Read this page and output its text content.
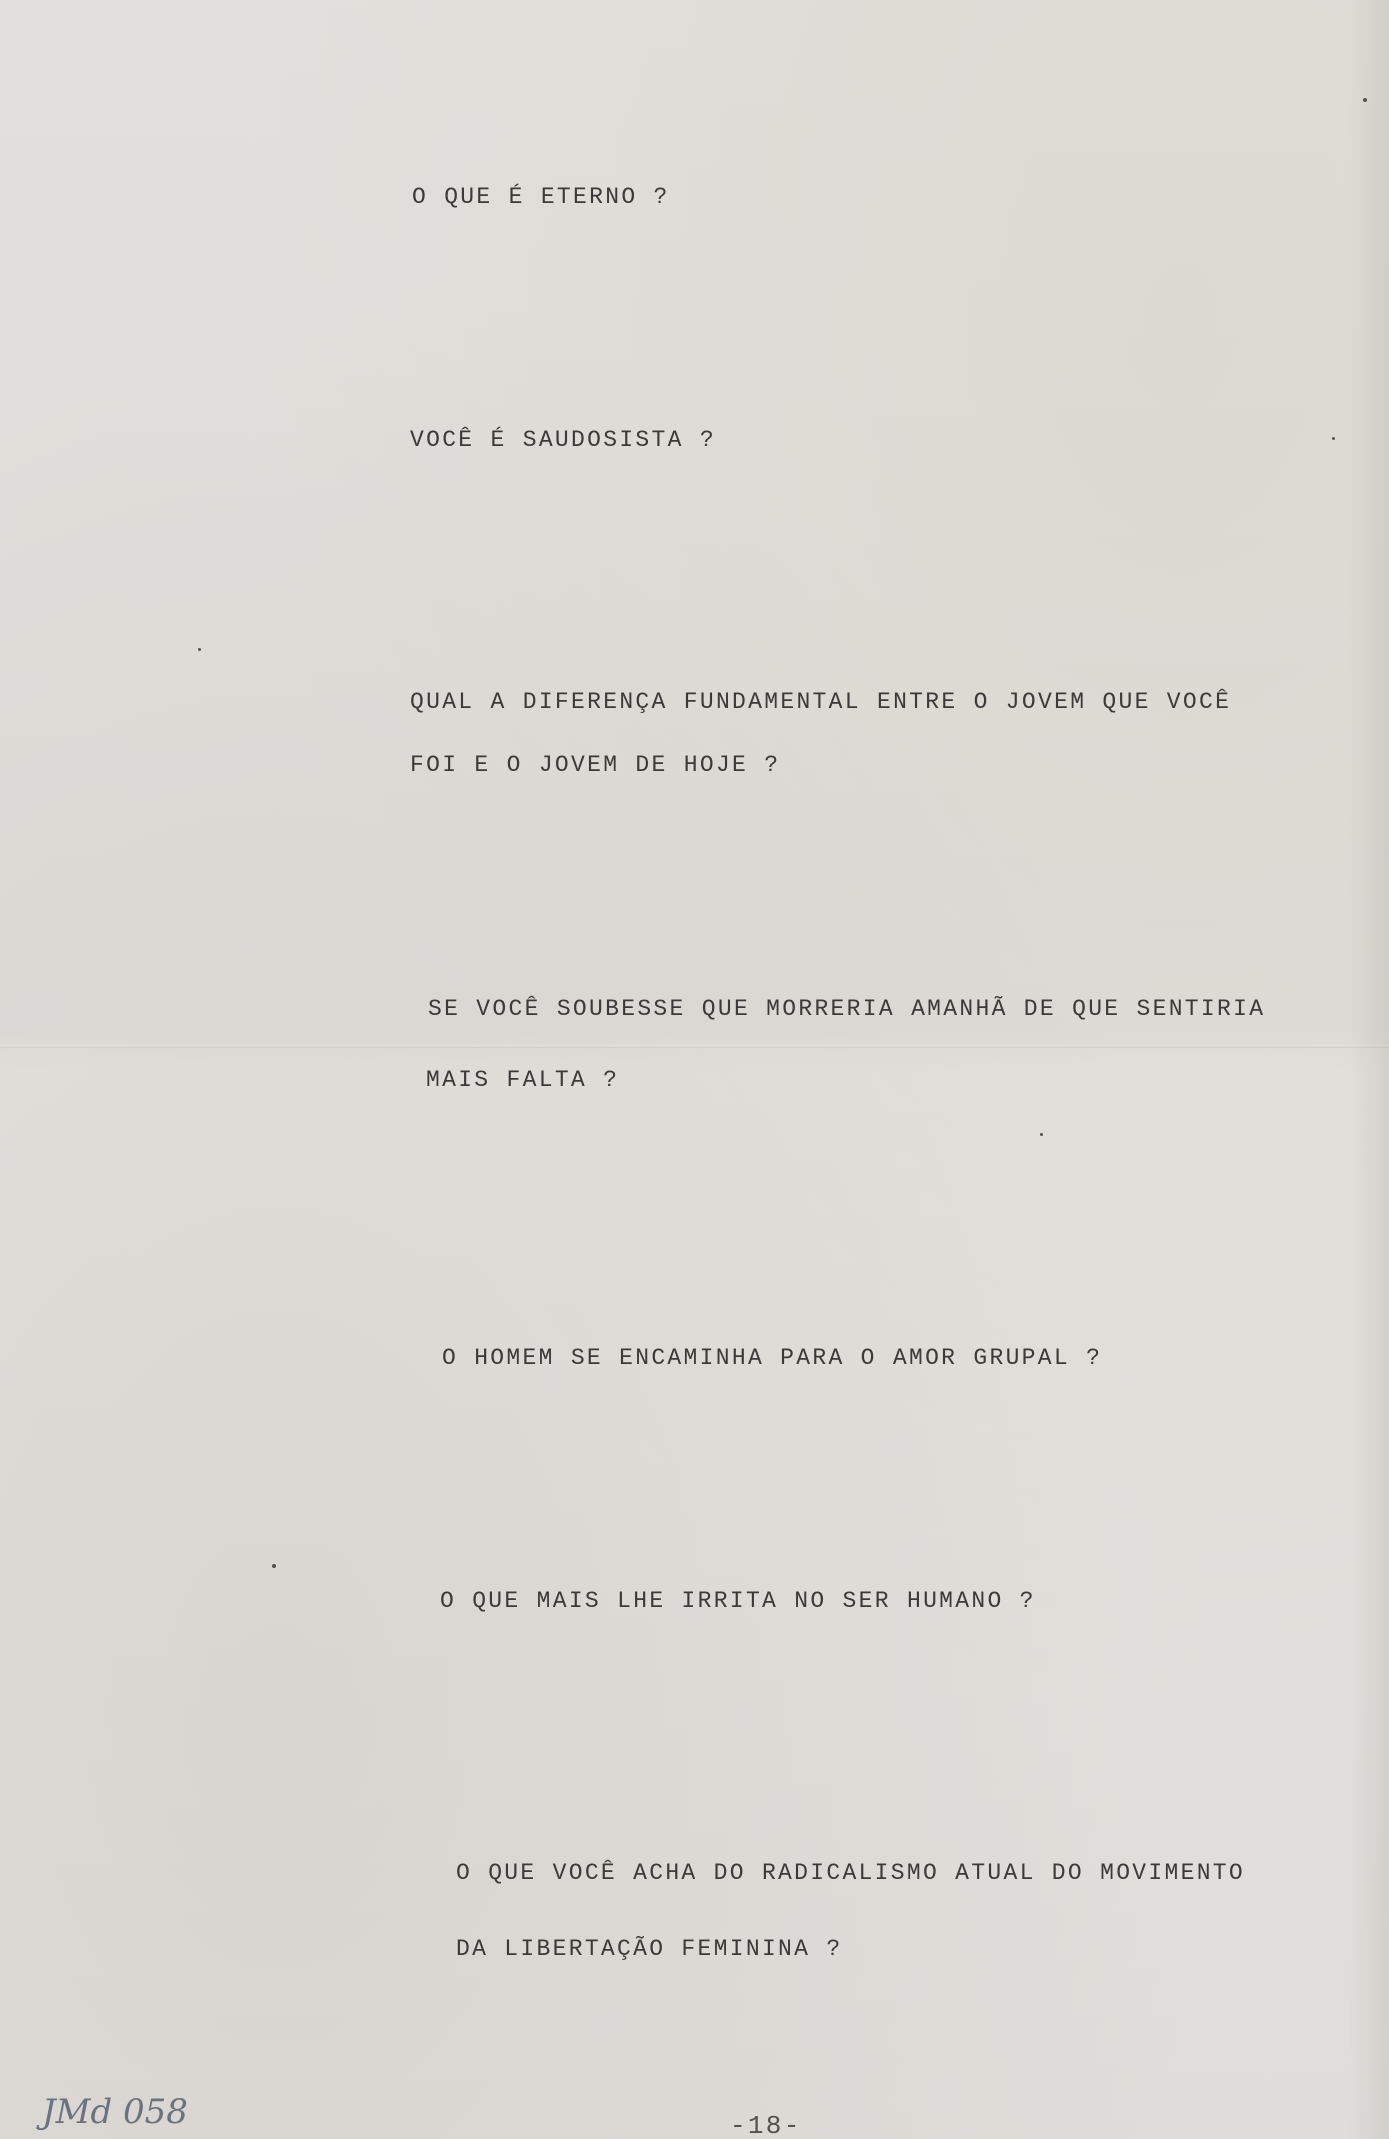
O QUE É ETERNO ?

VOCÊ É SAUDOSISTA ?

QUAL A DIFERENÇA FUNDAMENTAL ENTRE O JOVEM QUE VOCÊ

FOI E O JOVEM DE HOJE ?

SE VOCÊ SOUBESSE QUE MORRERIA AMANHÃ DE QUE SENTIRIA

MAIS FALTA ?

O HOMEM SE ENCAMINHA PARA O AMOR GRUPAL ?

O QUE MAIS LHE IRRITA NO SER HUMANO ?

O QUE VOCÊ ACHA DO RADICALISMO ATUAL DO MOVIMENTO

DA LIBERTAÇÃO FEMININA ?

JMd 058	-18-
